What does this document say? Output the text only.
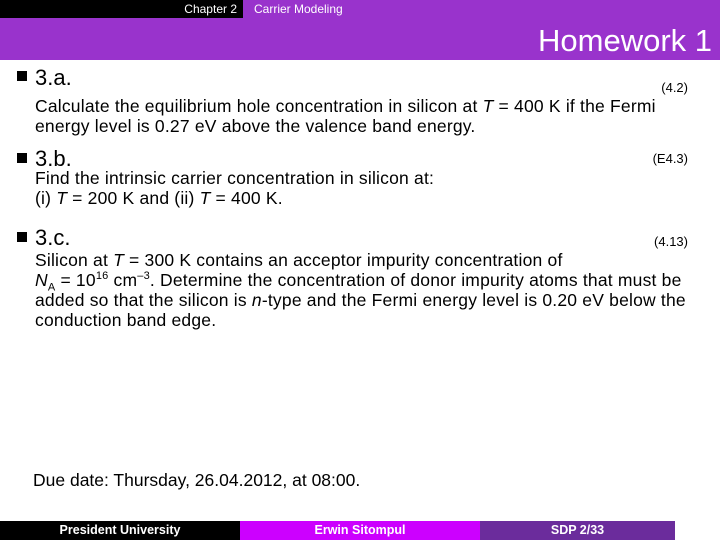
Chapter 2	Carrier Modeling
Homework 1
3.a.	(4.2)
Calculate the equilibrium hole concentration in silicon at T = 400 K if the Fermi energy level is 0.27 eV above the valence band energy.
3.b.	(E4.3)
Find the intrinsic carrier concentration in silicon at:
(i) T = 200 K and (ii) T = 400 K.
3.c.	(4.13)
Silicon at T = 300 K contains an acceptor impurity concentration of
$N_A = 10^{16}$ $cm^{-3}$. Determine the concentration of donor impurity atoms that must be added so that the silicon is n-type and the Fermi energy level is 0.20 eV below the conduction band edge.
Due date: Thursday, 26.04.2012, at 08:00.
President University	Erwin Sitompul	SDP 2/33
